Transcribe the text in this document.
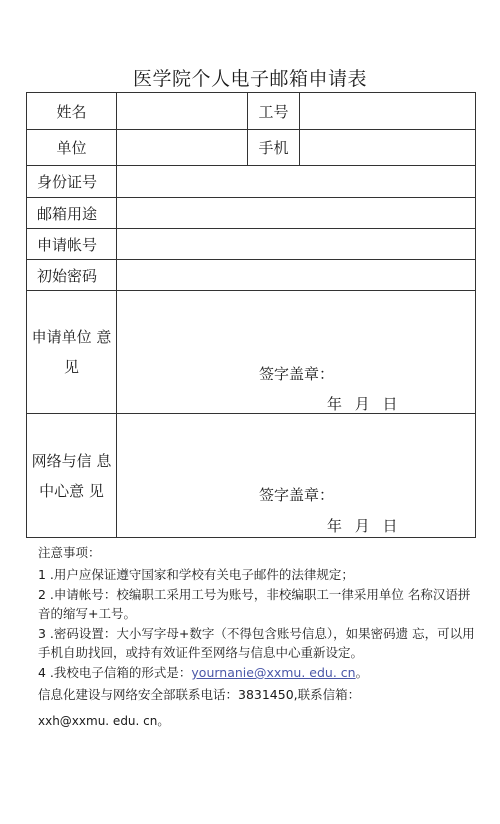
医学院个人电子邮箱申请表
姓名		工号	
单位		手机	
身份证号			
邮箱用途			
申请帐号			
初始密码			
申请单位 意见	签字盖章：
年 月 日		

网络与信 息中心意 见	签字盖章：
年 月 日		

注意事项：

1 .用户应保证遵守国家和学校有关电子邮件的法律规定；

2 .申请帐号：校编职工采用工号为账号，非校编职工一律采用单位 名称汉语拼音的缩写+工号。

3 .密码设置：大小写字母+数字（不得包含账号信息），如果密码遗 忘，可以用手机自助找回，或持有效证件至网络与信息中心重新设定。

4 .我校电子信箱的形式是：yournanie@xxmu. edu. cn。

信息化建设与网络安全部联系电话：3831450,联系信箱：

xxh@xxmu. edu. cn。
